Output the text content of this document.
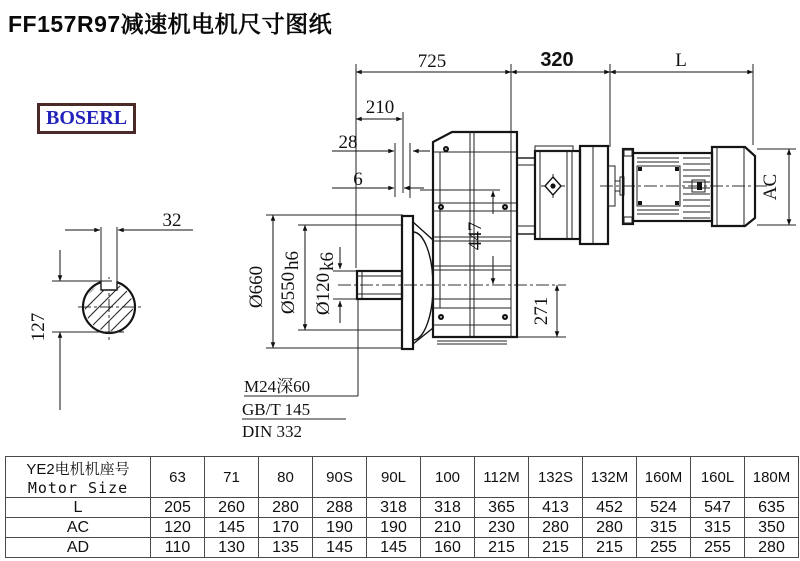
FF157R97减速机电机尺寸图纸
BOSERL
725	320	L
210
28
6
32
127
Ø660 Ø550
h6
Ø120
k6
447
271
AC
M24深60
GB/T 145
DIN 332
YE2电机机座号
Motor Size	63	71	80	90S	90L	100	112M	132S	132M	160M	160L	180M
L	205	260	280	288	318	318	365	413	452	524	547	635
AC	120	145	170	190	190	210	230	280	280	315	315	350
AD	110	130	135	145	145	160	215	215	215	255	255	280
